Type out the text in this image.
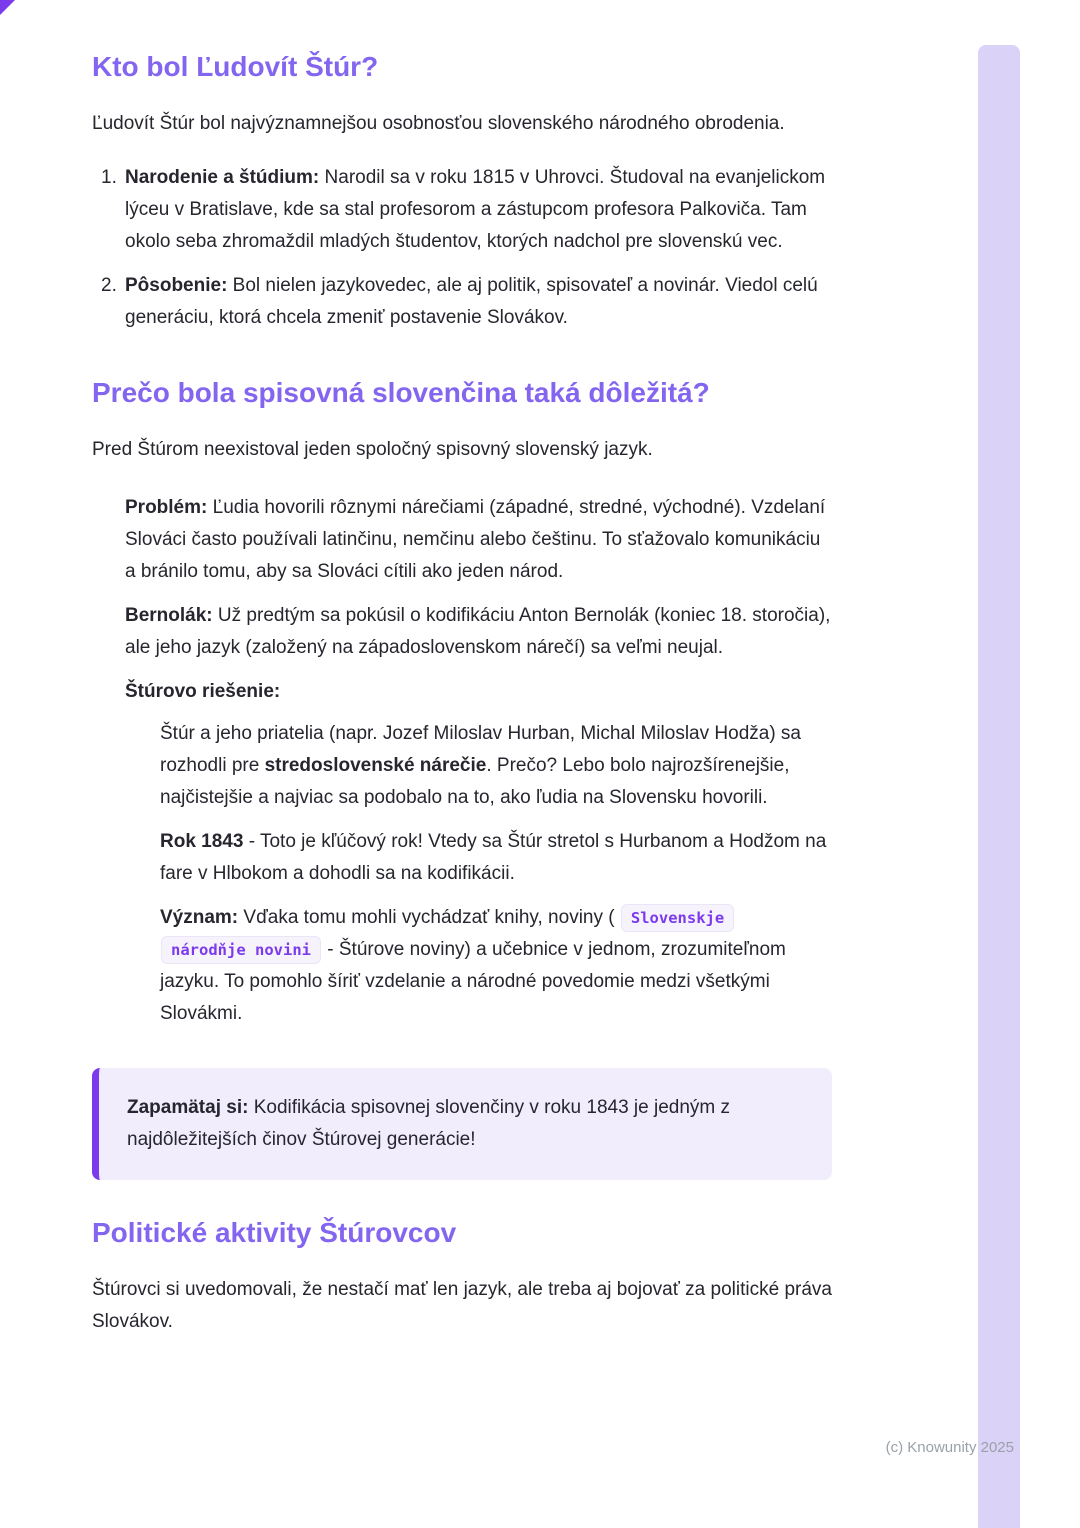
Kto bol Ľudovít Štúr?

Ľudovít Štúr bol najvýznamnejšou osobnosťou slovenského národného obrodenia.

1. Narodenie a štúdium: Narodil sa v roku 1815 v Uhrovci. Študoval na evanjelickom lýceu v Bratislave, kde sa stal profesorom a zástupcom profesora Palkoviča. Tam okolo seba zhromaždil mladých študentov, ktorých nadchol pre slovenskú vec.
2. Pôsobenie: Bol nielen jazykovedec, ale aj politik, spisovateľ a novinár. Viedol celú generáciu, ktorá chcela zmeniť postavenie Slovákov.
Prečo bola spisovná slovenčina taká dôležitá?

Pred Štúrom neexistoval jeden spoločný spisovný slovenský jazyk.

Problém: Ľudia hovorili rôznymi nárečiami (západné, stredné, východné). Vzdelaní Slováci často používali latinčinu, nemčinu alebo češtinu. To sťažovalo komunikáciu a bránilo tomu, aby sa Slováci cítili ako jeden národ.
Bernolák: Už predtým sa pokúsil o kodifikáciu Anton Bernolák (koniec 18. storočia), ale jeho jazyk (založený na západoslovenskom nárečí) sa veľmi neujal.
Štúrovo riešenie:
Štúr a jeho priatelia (napr. Jozef Miloslav Hurban, Michal Miloslav Hodža) sa rozhodli pre stredoslovenské nárečie. Prečo? Lebo bolo najrozšírenejšie, najčistejšie a najviac sa podobalo na to, ako ľudia na Slovensku hovorili.
Rok 1843 - Toto je kľúčový rok! Vtedy sa Štúr stretol s Hurbanom a Hodžom na fare v Hlbokom a dohodli sa na kodifikácii.
Význam: Vďaka tomu mohli vychádzať knihy, noviny ( Slovenskje národňje novini - Štúrove noviny) a učebnice v jednom, zrozumiteľnom jazyku. To pomohlo šíriť vzdelanie a národné povedomie medzi všetkými Slovákmi.

Zapamätaj si: Kodifikácia spisovnej slovenčiny v roku 1843 je jedným z najdôležitejších činov Štúrovej generácie!

Politické aktivity Štúrovcov

Štúrovci si uvedomovali, že nestačí mať len jazyk, ale treba aj bojovať za politické práva Slovákov.

(c) Knowunity 2025
